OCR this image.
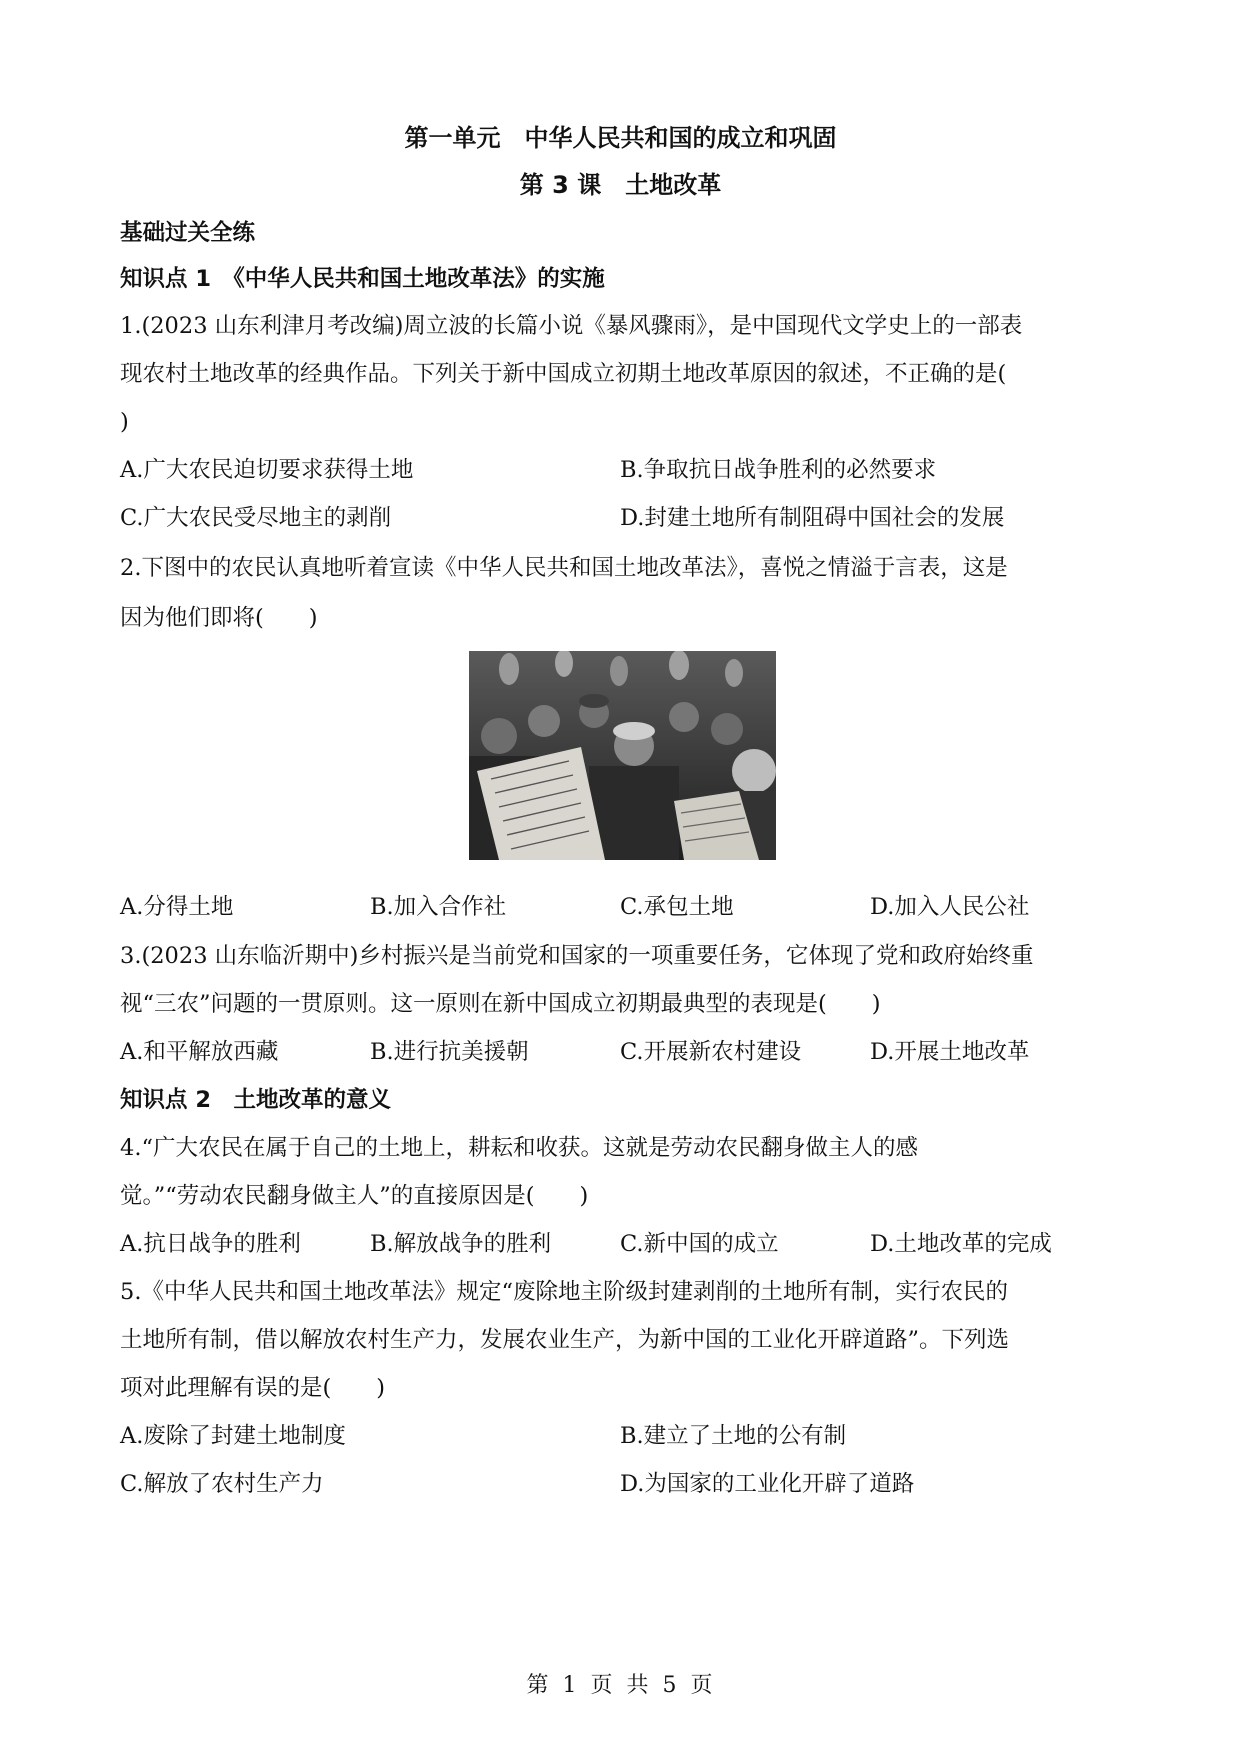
第一单元　中华人民共和国的成立和巩固
第 3 课　土地改革
基础过关全练
知识点 1　《中华人民共和国土地改革法》的实施
1.(2023 山东利津月考改编)周立波的长篇小说《暴风骤雨》，是中国现代文学史上的一部表
现农村土地改革的经典作品。下列关于新中国成立初期土地改革原因的叙述，不正确的是(
)
A.广大农民迫切要求获得土地	B.争取抗日战争胜利的必然要求
C.广大农民受尽地主的剥削	D.封建土地所有制阻碍中国社会的发展
2.下图中的农民认真地听着宣读《中华人民共和国土地改革法》，喜悦之情溢于言表，这是
因为他们即将(　　)
A.分得土地	B.加入合作社	C.承包土地	D.加入人民公社
3.(2023 山东临沂期中)乡村振兴是当前党和国家的一项重要任务，它体现了党和政府始终重
视“三农”问题的一贯原则。这一原则在新中国成立初期最典型的表现是(　　)
A.和平解放西藏	B.进行抗美援朝	C.开展新农村建设	D.开展土地改革
知识点 2　土地改革的意义
4.“广大农民在属于自己的土地上，耕耘和收获。这就是劳动农民翻身做主人的感
觉。”“劳动农民翻身做主人”的直接原因是(　　)
A.抗日战争的胜利	B.解放战争的胜利	C.新中国的成立	D.土地改革的完成
5.《中华人民共和国土地改革法》规定“废除地主阶级封建剥削的土地所有制，实行农民的
土地所有制，借以解放农村生产力，发展农业生产，为新中国的工业化开辟道路”。下列选
项对此理解有误的是(　　)
A.废除了封建土地制度	B.建立了土地的公有制
C.解放了农村生产力	D.为国家的工业化开辟了道路
第 1 页 共 5 页
